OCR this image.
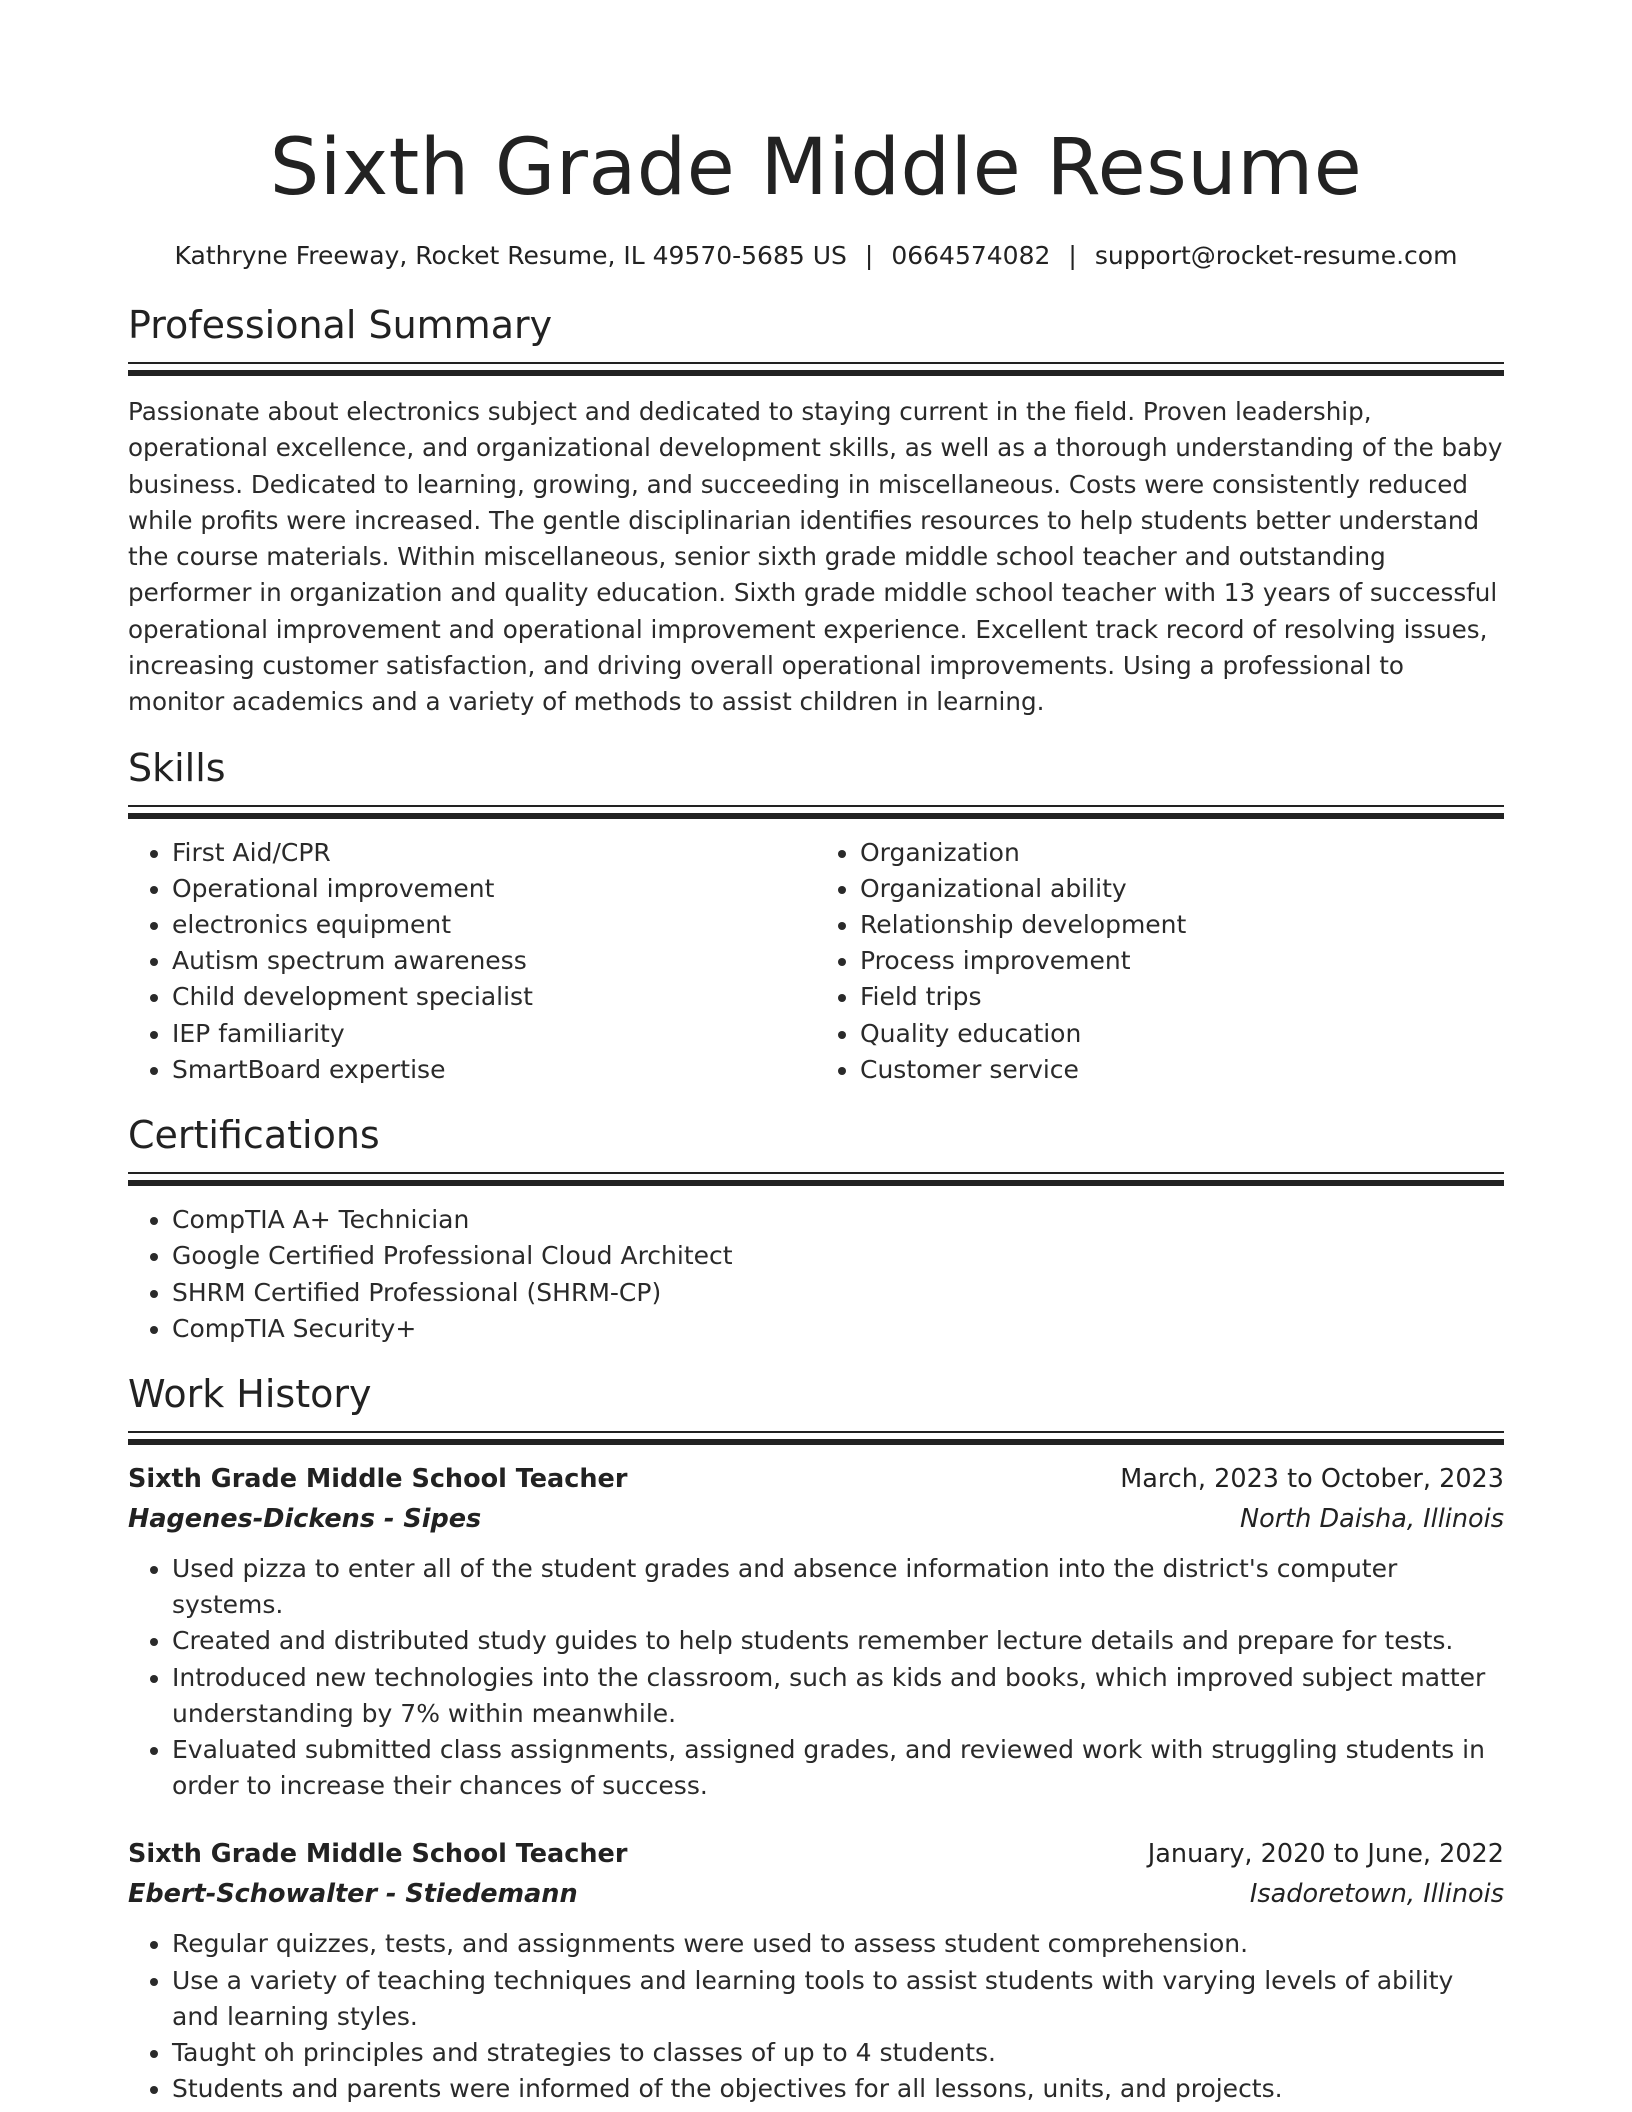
Sixth Grade Middle Resume
Kathryne Freeway, Rocket Resume, IL 49570-5685 US | 0664574082 | support@rocket-resume.com
Professional Summary

Passionate about electronics subject and dedicated to staying current in the field. Proven leadership, operational excellence, and organizational development skills, as well as a thorough understanding of the baby business. Dedicated to learning, growing, and succeeding in miscellaneous. Costs were consistently reduced while profits were increased. The gentle disciplinarian identifies resources to help students better understand the course materials. Within miscellaneous, senior sixth grade middle school teacher and outstanding performer in organization and quality education. Sixth grade middle school teacher with 13 years of successful operational improvement and operational improvement experience. Excellent track record of resolving issues, increasing customer satisfaction, and driving overall operational improvements. Using a professional to monitor academics and a variety of methods to assist children in learning.

Skills
• First Aid/CPR
• Operational improvement
• electronics equipment
• Autism spectrum awareness
• Child development specialist
• IEP familiarity
• SmartBoard expertise
• Organization
• Organizational ability
• Relationship development
• Process improvement
• Field trips
• Quality education
• Customer service
Certifications
• CompTIA A+ Technician
• Google Certified Professional Cloud Architect
• SHRM Certified Professional (SHRM-CP)
• CompTIA Security+
Work History
Sixth Grade Middle School Teacher	March, 2023 to October, 2023
Hagenes-Dickens - Sipes	North Daisha, Illinois
• Used pizza to enter all of the student grades and absence information into the district's computer systems.
• Created and distributed study guides to help students remember lecture details and prepare for tests.
• Introduced new technologies into the classroom, such as kids and books, which improved subject matter understanding by 7% within meanwhile.
• Evaluated submitted class assignments, assigned grades, and reviewed work with struggling students in order to increase their chances of success.
Sixth Grade Middle School Teacher	January, 2020 to June, 2022
Ebert-Schowalter - Stiedemann	Isadoretown, Illinois
• Regular quizzes, tests, and assignments were used to assess student comprehension.
• Use a variety of teaching techniques and learning tools to assist students with varying levels of ability and learning styles.
• Taught oh principles and strategies to classes of up to 4 students.
• Students and parents were informed of the objectives for all lessons, units, and projects.
